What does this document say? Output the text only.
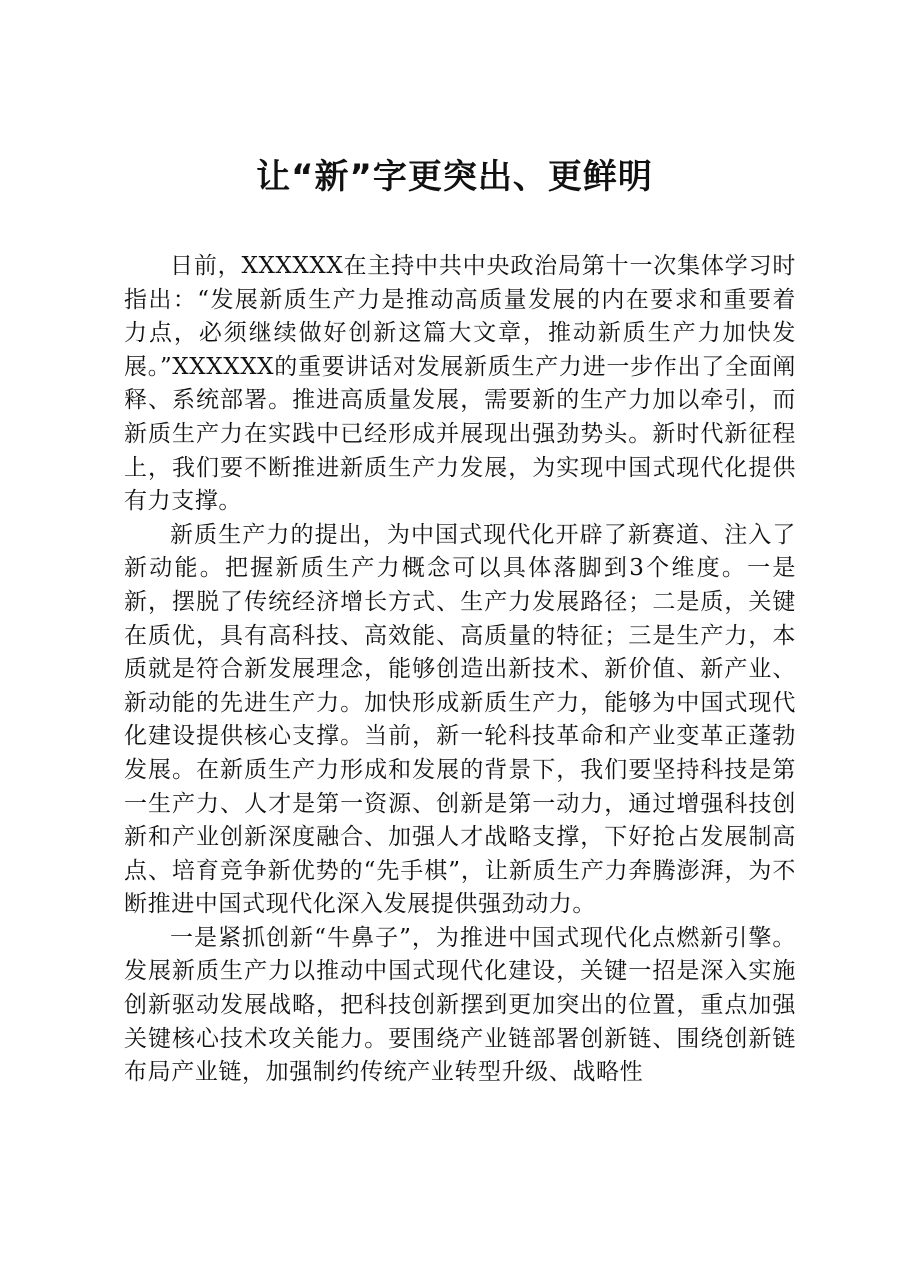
让“新”字更突出、更鲜明

日前，XXXXXX在主持中共中央政治局第十一次集体学习时指出：“发展新质生产力是推动高质量发展的内在要求和重要着力点，必须继续做好创新这篇大文章，推动新质生产力加快发展。”XXXXXX的重要讲话对发展新质生产力进一步作出了全面阐释、系统部署。推进高质量发展，需要新的生产力加以牵引，而新质生产力在实践中已经形成并展现出强劲势头。新时代新征程上，我们要不断推进新质生产力发展，为实现中国式现代化提供有力支撑。

新质生产力的提出，为中国式现代化开辟了新赛道、注入了新动能。把握新质生产力概念可以具体落脚到3个维度。一是新，摆脱了传统经济增长方式、生产力发展路径；二是质，关键在质优，具有高科技、高效能、高质量的特征；三是生产力，本质就是符合新发展理念，能够创造出新技术、新价值、新产业、新动能的先进生产力。加快形成新质生产力，能够为中国式现代化建设提供核心支撑。当前，新一轮科技革命和产业变革正蓬勃发展。在新质生产力形成和发展的背景下，我们要坚持科技是第一生产力、人才是第一资源、创新是第一动力，通过增强科技创新和产业创新深度融合、加强人才战略支撑，下好抢占发展制高点、培育竞争新优势的“先手棋”，让新质生产力奔腾澎湃，为不断推进中国式现代化深入发展提供强劲动力。

一是紧抓创新“牛鼻子”，为推进中国式现代化点燃新引擎。发展新质生产力以推动中国式现代化建设，关键一招是深入实施创新驱动发展战略，把科技创新摆到更加突出的位置，重点加强关键核心技术攻关能力。要围绕产业链部署创新链、围绕创新链布局产业链，加强制约传统产业转型升级、战略性
